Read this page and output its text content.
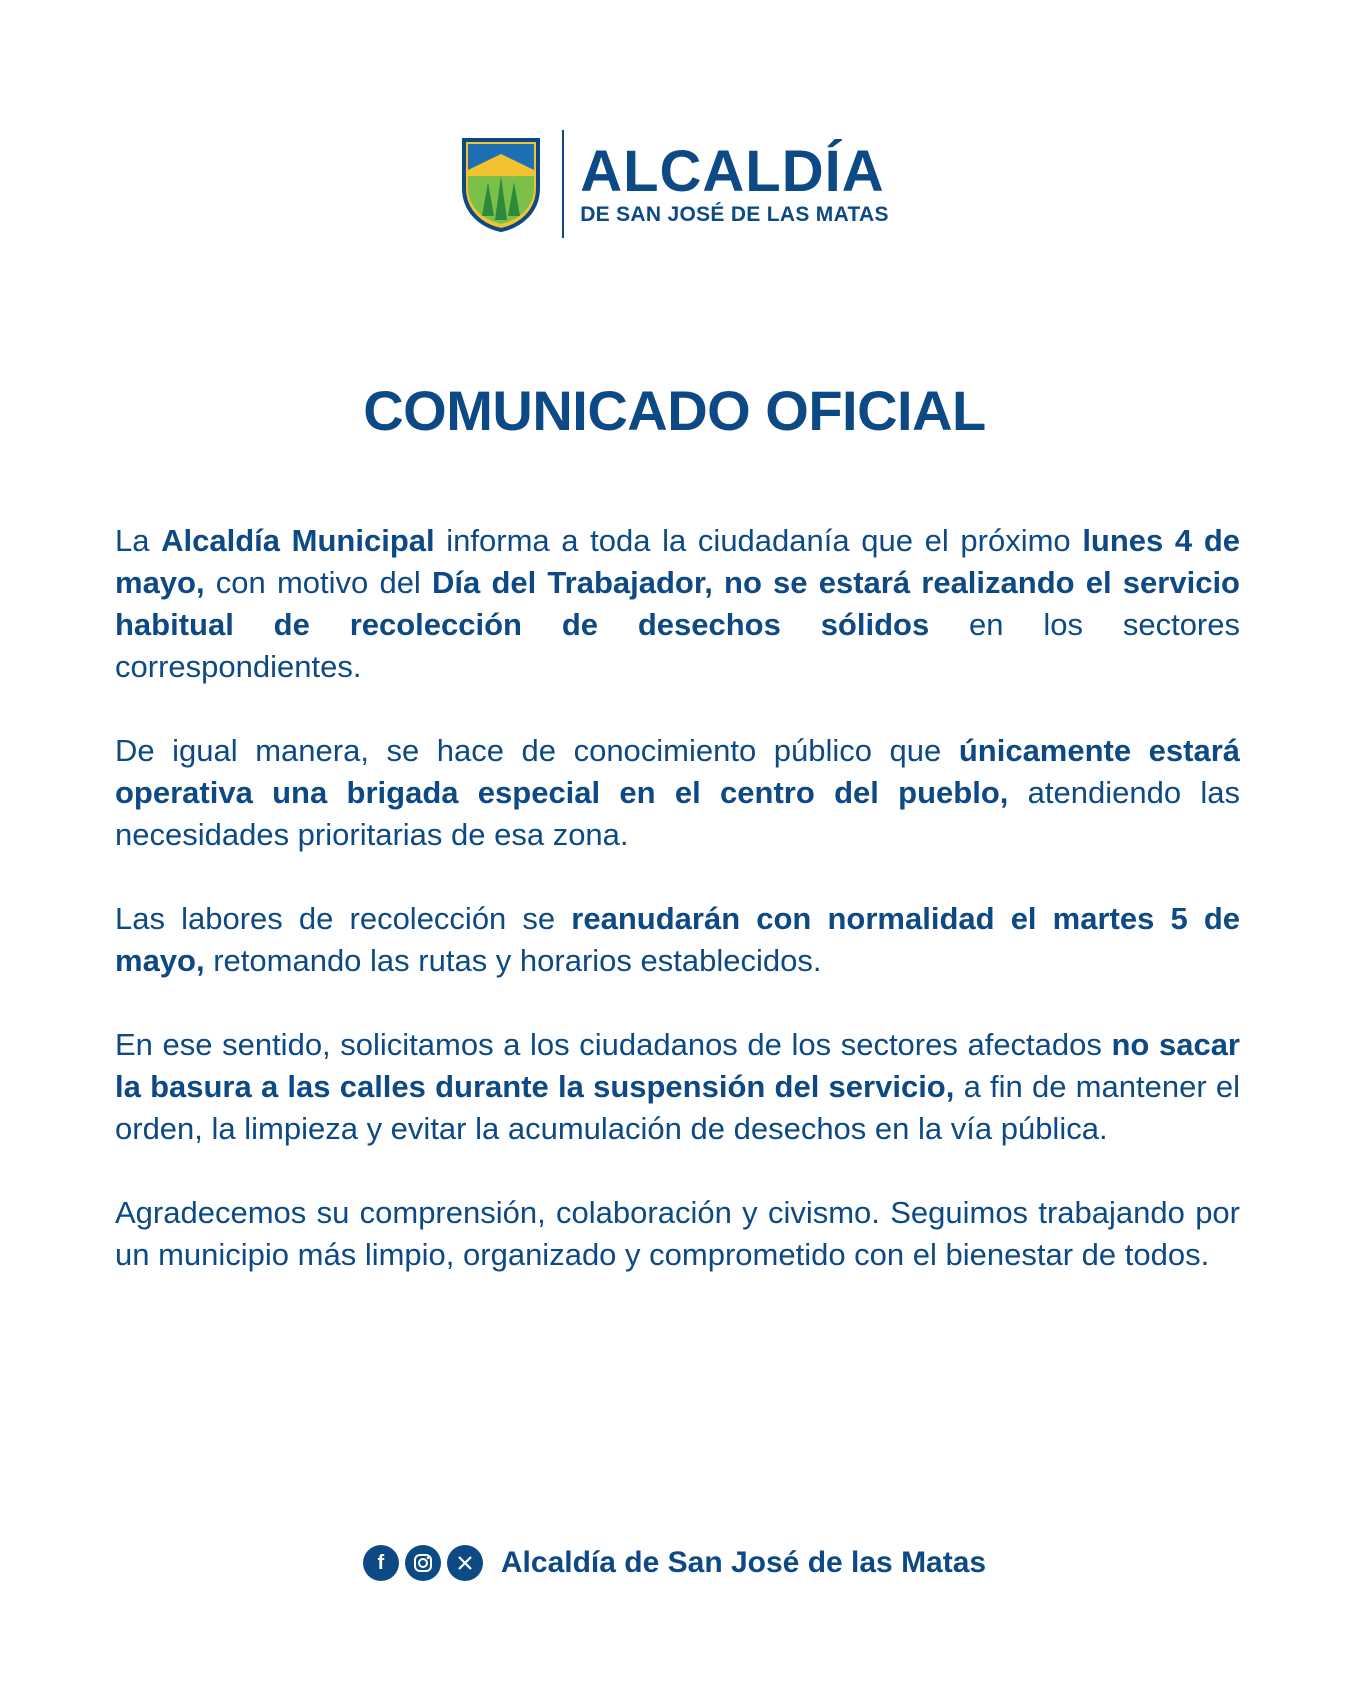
ALCALDÍA
DE SAN JOSÉ DE LAS MATAS
COMUNICADO OFICIAL

La Alcaldía Municipal informa a toda la ciudadanía que el próximo lunes 4 de mayo, con motivo del Día del Trabajador, no se estará realizando el servicio habitual de recolección de desechos sólidos en los sectores correspondientes.

De igual manera, se hace de conocimiento público que únicamente estará operativa una brigada especial en el centro del pueblo, atendiendo las necesidades prioritarias de esa zona.

Las labores de recolección se reanudarán con normalidad el martes 5 de mayo, retomando las rutas y horarios establecidos.

En ese sentido, solicitamos a los ciudadanos de los sectores afectados no sacar la basura a las calles durante la suspensión del servicio, a fin de mantener el orden, la limpieza y evitar la acumulación de desechos en la vía pública.

Agradecemos su comprensión, colaboración y civismo. Seguimos trabajando por un municipio más limpio, organizado y comprometido con el bienestar de todos.

f	Alcaldía de San José de las Matas
